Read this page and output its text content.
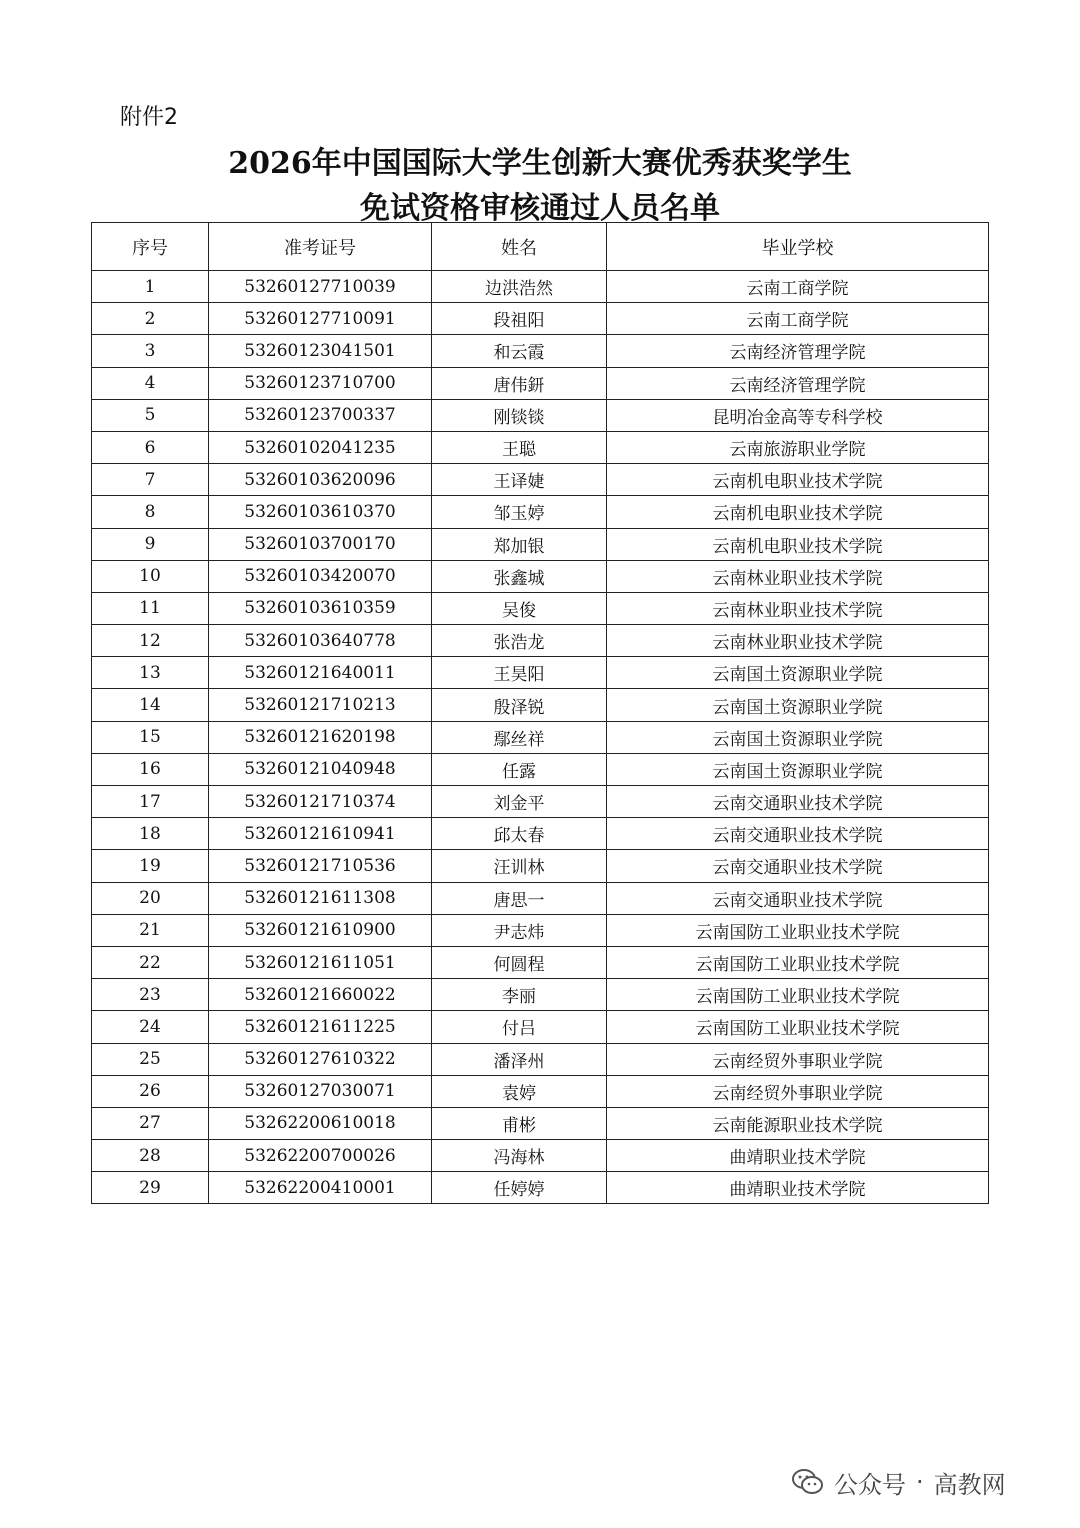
附件2
2026年中国国际大学生创新大赛优秀获奖学生
免试资格审核通过人员名单
序号	准考证号	姓名	毕业学校
1	53260127710039	边洪浩然	云南工商学院
2	53260127710091	段祖阳	云南工商学院
3	53260123041501	和云霞	云南经济管理学院
4	53260123710700	唐伟鈃	云南经济管理学院
5	53260123700337	刚锬锬	昆明冶金高等专科学校
6	53260102041235	王聪	云南旅游职业学院
7	53260103620096	王译婕	云南机电职业技术学院
8	53260103610370	邹玉婷	云南机电职业技术学院
9	53260103700170	郑加银	云南机电职业技术学院
10	53260103420070	张鑫城	云南林业职业技术学院
11	53260103610359	吴俊	云南林业职业技术学院
12	53260103640778	张浩龙	云南林业职业技术学院
13	53260121640011	王昊阳	云南国土资源职业学院
14	53260121710213	殷泽锐	云南国土资源职业学院
15	53260121620198	鄢丝祥	云南国土资源职业学院
16	53260121040948	任露	云南国土资源职业学院
17	53260121710374	刘金平	云南交通职业技术学院
18	53260121610941	邱太春	云南交通职业技术学院
19	53260121710536	汪训林	云南交通职业技术学院
20	53260121611308	唐思一	云南交通职业技术学院
21	53260121610900	尹志炜	云南国防工业职业技术学院
22	53260121611051	何圆程	云南国防工业职业技术学院
23	53260121660022	李丽	云南国防工业职业技术学院
24	53260121611225	付吕	云南国防工业职业技术学院
25	53260127610322	潘泽州	云南经贸外事职业学院
26	53260127030071	袁婷	云南经贸外事职业学院
27	53262200610018	甫彬	云南能源职业技术学院
28	53262200700026	冯海林	曲靖职业技术学院
29	53262200410001	任婷婷	曲靖职业技术学院
公众号 · 高教网
